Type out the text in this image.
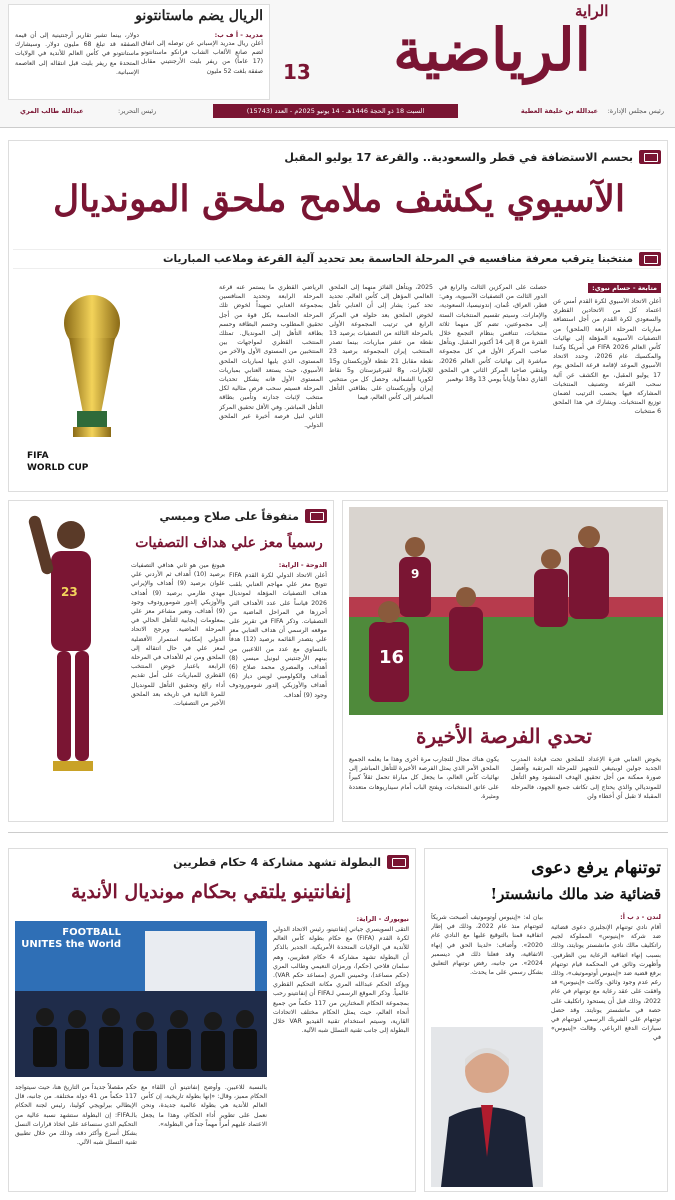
13
الراية
الرياضية
الريال يضم ماستانتونو
مدريد - أ ف ب:
أعلن ريال مدريد الإسباني عن توصله إلى اتفاق لضم صانع الألعاب الشاب فرانكو ماستانتونو (17 عاماً) من ريفر بليت الأرجنتيني مقابل صفقة بلغت 52 مليون
دولار، بينما تشير تقارير أرجنتينية إلى أن قيمة الصفقة قد تبلغ 68 مليون دولار. وسيشارك ماستانتونو في كأس العالم للأندية في الولايات المتحدة مع ريفر بليت قبل انتقاله إلى العاصمة الإسبانية.
رئيس مجلس الإدارة:
عبدالله بن خليفة العطية
السبت 18 ذو الحجة 1446هـ - 14 يونيو 2025م - العدد (15743)
رئيس التحرير:
عبدالله طالب المري
بحسم الاستضافة في قطر والسعودية.. والقرعة 17 يوليو المقبل
الآسيوي يكشف ملامح ملحق المونديال
منتخبنا يترقب معرفة منافسيه في المرحلة الحاسمة بعد تحديد آلية القرعة وملاعب المباريات
متابعة - حسام نبوي:
أعلن الاتحاد الآسيوي لكرة القدم أمس عن اعتماد كل من الاتحادين القطري والسعودي لكرة القدم من أجل استضافة مباريات المرحلة الرابعة (الملحق) من التصفيات الآسيوية المؤهلة إلى نهائيات كأس العالم FIFA 2026 في أمريكا وكندا والمكسيك عام 2026، وحدد الاتحاد الآسيوي الموعد لإقامة قرعة الملحق يوم 17 يوليو المقبل، مع الكشف عن آلية سحب القرعة وتصنيف المنتخبات المشاركة فيها بحسب الترتيب لضمان توزيع المنتخبات. ويشارك في هذا الملحق 6 منتخبات
حصلت على المركزين الثالث والرابع في الدور الثالث من التصفيات الآسيوية، وهي: قطر، العراق، عُمان، إندونيسيا، السعودية، والإمارات. وسيتم تقسيم المنتخبات الستة إلى مجموعتين، تضم كل منهما ثلاثة منتخبات، تتنافس بنظام التجمع خلال الفترة من 8 إلى 14 أكتوبر المقبل. ويتأهل صاحب المركز الأول في كل مجموعة مباشرة إلى نهائيات كأس العالم 2026، ويلتقي صاحبا المركز الثاني في الملحق القاري ذهاباً وإياباً يومي 13 و18 نوفمبر
2025، ويتأهل الفائز منهما إلى الملحق العالمي المؤهل إلى كأس العالم. تحديد تحد كبير: يشار إلى أن العنابي تأهل لخوض الملحق بعد حلوله في المركز الرابع في ترتيب المجموعة الأولى بالمرحلة الثالثة من التصفيات برصيد 13 نقطة من عشر مباريات، بينما تصدر المنتخب إيران المجموعة برصيد 23 نقطة مقابل 21 نقطة لأوزبكستان و15 للإمارات، و8 لقيرغيزستان و5 نقاط لكوريا الشمالية. وحصل كل من منتخبي إيران وأوزبكستان على بطاقتي التأهل المباشر إلى كأس العالم، فيما
الرياضي القطري ما يستمر عنه قرعة المرحلة الرابعة وتحديد المنافسين بمجموعة العنابي تمهيداً لخوض تلك المرحلة الحاسمة بكل قوة من أجل تحقيق المطلوب وحسم البطاقة وحسم بطاقة التأهل إلى المونديال. تمتلك المنتخب القطري لمواجهات بين المنتخبين من المستوى الأول والآخر من المستوى، الذي يليها لمباريات الملحق الأسيوي، حيث يستعد العنابي بمباريات المستوى الأول فانه يشكل تحديات المرحلة فسيتم سحب فرص مثالية لكل منتخب لإثبات جدارته وتأمين بطاقة التأهل المباشر. وفي الأقل تحقيق المركز الثاني لنيل فرصة أخيرة عبر الملحق الدولي.
FIFA
WORLD CUP
16
9
تحدي الفرصة الأخيرة
يخوض العنابي فترة الإعداد للملحق تحت قيادة المدرب الجديد جولين لوبيتيغي للتجهيز للمرحلة المرتقبة وأفضل صورة ممكنة من أجل تحقيق الهدف المنشود وهو التأهل للمونديالي والذي يحتاج إلى تكاتف جميع الجهود، فالمرحلة المقبلة لا تقبل أي أخطاء ولن
يكون هناك مجال للتجارب مرة أخرى وهذا ما يعلمه الجميع الملحق الأمر الذي يمثل الفرصة الأخيرة للتأهل المباشر إلى نهائيات كأس العالم، ما يجعل كل مباراة تحمل ثقلاً كبيراً على عاتق المنتخبات، ويفتح الباب أمام سيناريوهات متعددة ومثيرة.
متفوقاً على صلاح وميسي
رسمياً معز علي هداف التصفيات
الدوحة - الراية:
أعلن الاتحاد الدولي لكرة القدم FIFA تتويج معز علي مهاجم العنابي بلقب هداف التصفيات المؤهلة لمونديال 2026 قياساً على عدد الأهداف التي أحرزها في المراحل الماضية من التصفيات. وذكر FIFA في تقرير على موقعه الرسمي أن هداف العنابي معز علي يتصدر القائمة برصيد (12) هدفاً بالتساوي مع عدد من اللاعبين من بينهم الأرجنتيني ليونيل ميسي (8) أهداف، والمصري محمد صلاح (6) أهداف والكولومبي لويس دياز (6) أهداف والأوزبكي إلدور شومورودوف وجود (9) أهداف.
هيونغ مين هو ثاني هدافي التصفيات برصيد (10) أهداف ثم الأردني علي علوان برصيد (9) أهداف والإيراني مهدي طارمي برصيد (9) أهداف والأوزبكي إلدور شومورودوف وجود (9) أهداف، وتعبر مشاعر معز علي بمعلومات إيجابية للتأهل الحالي في المرحلة الماضية. ويرجح الاتحاد الدولي إمكانية استمرار الأفضلية لمعز علي في حال انتقاله إلى الملحق ومن ثم للأهداف في المرحلة الرابعة باعتبار خوض المنتخب القطري للمباريات على أمل تقديم أداء رائع وتحقيق التأهل للمونديال للمرة الثانية في تاريخه بعد الملحق الأخير من التصفيات.
23
توتنهام يرفع دعوى
قضائية ضد مالك مانشستر!
لندن - د ب أ:
أقام نادي توتنهام الإنجليزي دعوى قضائية ضد شركة «إينيوس» المملوكة لجيم راتكليف مالك نادي مانشستر يونايتد، وذلك بسبب إنهاء اتفاقية الرعاية بين الطرفين. وأظهرت وثائق في المحكمة قيام توتنهام برفع قضية ضد «إينيوس أوتوموتيف»، وذلك رغم عدم وجود وثائق. وكانت «إينيوس» قد وافقت على عقد رعاية مع توتنهام في عام 2022، وذلك قبل أن يستحوذ راتكليف على حصة في مانشستر يونايتد. وقد حصل توتنهام على الشريك الرسمي لتوتنهام في سيارات الدفع الرباعي. وقالت «إينيوس» في
بيان له: «إينيوس أوتوموتيف أصبحت شريكاً لتوتنهام منذ عام 2022، وذلك في إطار اتفاقية قمنا بالتوقيع عليها مع النادي عام 2020». وأضاف: «لدينا الحق في إنهاء الاتفاقية، وقد فعلنا ذلك في ديسمبر 2024». من جانبه، رفض توتنهام التعليق بشكل رسمي على ما يحدث.
البطولة تشهد مشاركة 4 حكام قطريين
إنفانتينو يلتقي بحكام مونديال الأندية
نيويورك - الراية:
التقى السويسري جياني إنفانتينو، رئيس الاتحاد الدولي لكرة القدم (FIFA) مع حكام بطولة كأس العالم للأندية في الولايات المتحدة الأمريكية. الجدير بالذكر أن البطولة تشهد مشاركة 4 حكام قطريين، وهم سلمان فلاحي (حكم)، ورمزان النعيمي وطالب المري (حكم مساعد)، وخميس المري (مساعد حكم VAR). ويؤكد الحكم عبدالله المري مكانة التحكيم القطري عالمياً. وذكر الموقع الرسمي لـFIFA أن إنفانتينو رحب بمجموعة الحكام المختارين من 117 حكماً من جميع أنحاء العالم، حيث يمثل الحكام مختلف الاتحادات القارية، وسيتم استخدام تقنية الفيديو VAR خلال البطولة إلى جانب تقنية التسلل شبه الآلية.
FOOTBALL UNITES the World
بالنسبة للاعبين. وأوضح إنفانتينو أن اللقاء مع الحكام مميز، وقال: «إنها بطولة تاريخية، إن كأس العالم للأندية هي بطولة عالمية جديدة، ونحن نعمل على تطوير أداء الحكام، وهذا ما يجعل الاعتماد عليهم أمراً مهماً جداً في البطولة».
حكم مقصلاً جديداً من التاريخ هنا، حيث سيتواجد 117 حكماً من 41 دولة مختلفة. من جانبه، قال الإيطالي بيرلويجي كولينا، رئيس لجنة الحكام بالـFIFA: إن البطولة ستشهد نسبة عالية من التحكيم الذي سنساعد على اتخاذ قرارات النسل بشكل أسرع وأكثر دقة، وذلك من خلال تطبيق تقنية التسلل شبه الآلي.
